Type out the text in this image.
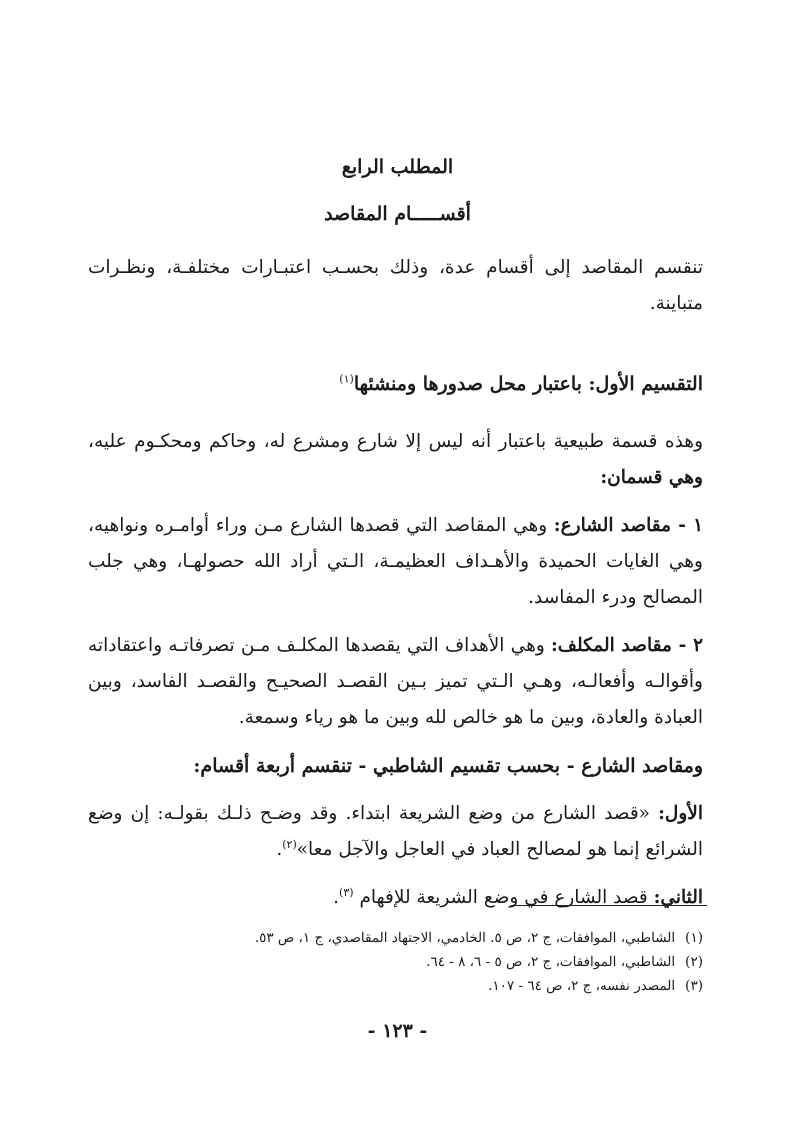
المطلب الرابع
أقســـــام المقاصد

تنقسم المقاصد إلى أقسام عدة، وذلك بحسـب اعتبـارات مختلفـة، ونظـرات متباينة.

التقسيم الأول: باعتبار محل صدورها ومنشئها$^{(١)}$

وهذه قسمة طبيعية باعتبار أنه ليس إلا شارع ومشرع له، وحاكم ومحكـوم عليه، وهي قسمان:

١ - مقاصد الشارع: وهي المقاصد التي قصدها الشارع مـن وراء أوامـره ونواهيه، وهي الغايات الحميدة والأهـداف العظيمـة، الـتي أراد الله حصولهـا، وهي جلب المصالح ودرء المفاسد.

٢ - مقاصد المكلف: وهي الأهداف التي يقصدها المكلـف مـن تصرفاتـه واعتقاداته وأقوالـه وأفعالـه، وهـي الـتي تميز بـين القصـد الصحيـح والقصـد الفاسد، وبين العبادة والعادة، وبين ما هو خالص لله وبين ما هو رياء وسمعة.

ومقاصد الشارع - بحسب تقسيم الشاطبي - تنقسم أربعة أقسام:

الأول: «قصد الشارع من وضع الشريعة ابتداء. وقد وضـح ذلـك بقولـه: إن وضع الشرائع إنما هو لمصالح العباد في العاجل والآجل معا»$^{(٢)}$.

الثاني: قصد الشارع في وضع الشريعة للإفهام $^{(٣)}$.

(١)
الشاطبي، الموافقات، ج ٢، ص ٥. الخادمي، الاجتهاد المقاصدي، ج ١، ص ٥٣.
(٢)
الشاطبي، الموافقات، ج ٢، ص ٥ - ٦، ٨ - ٦٤.
(٣)
المصدر نفسه، ج ٢، ص ٦٤ - ١٠٧.
- ١٢٣ -
